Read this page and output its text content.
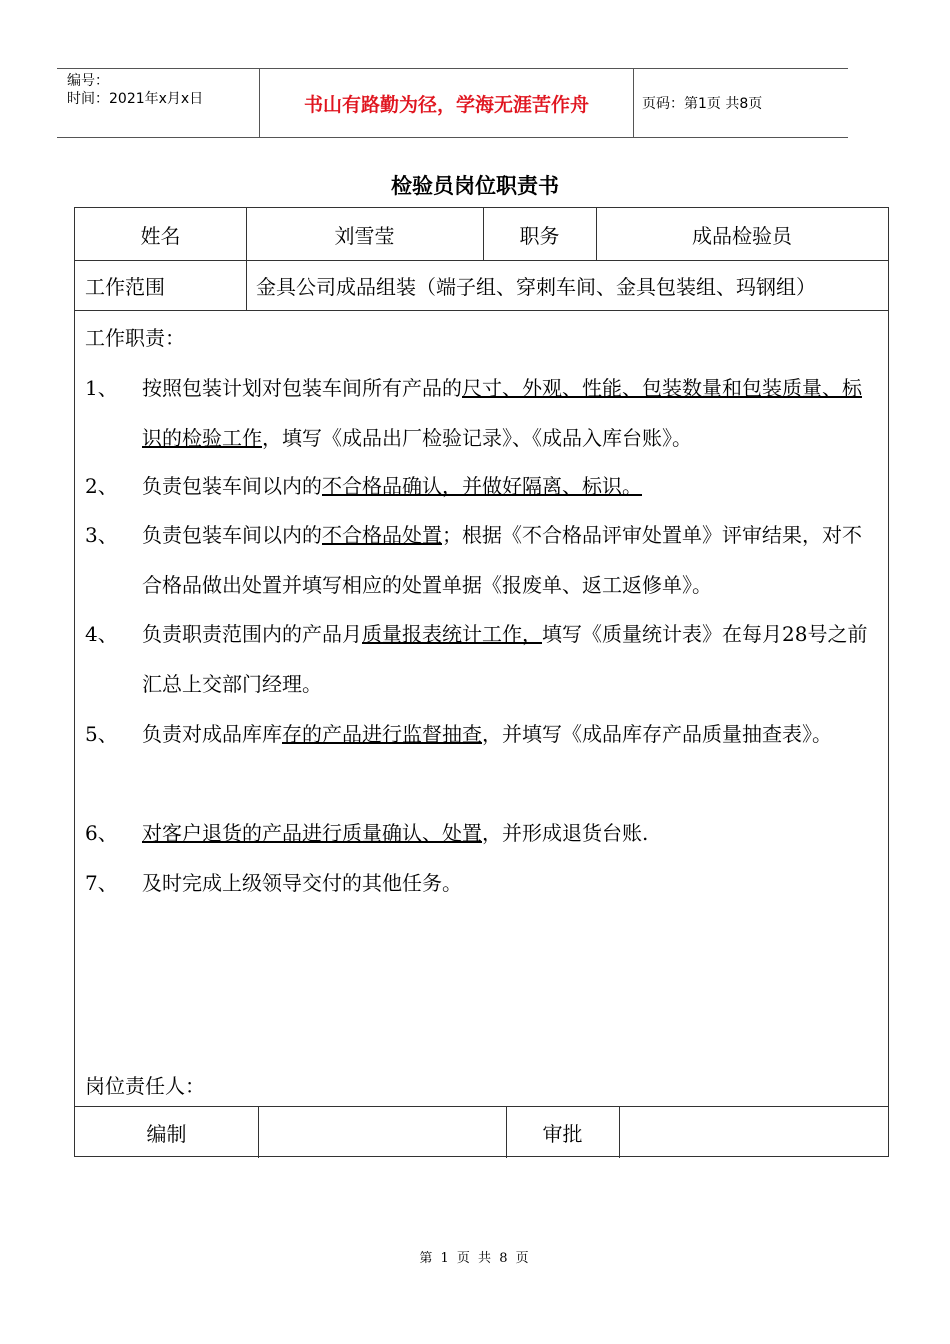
编号：
时间：2021年x月x日	书山有路勤为径，学海无涯苦作舟	页码：第1页 共8页
检验员岗位职责书
姓名	刘雪莹	职务	成品检验员
工作范围	金具公司成品组装（端子组、穿刺车间、金具包装组、玛钢组）
工作职责：
1、 按照包装计划对包装车间所有产品的尺寸、外观、性能、包装数量和包装质量、标识的检验工作，填写《成品出厂检验记录》、《成品入库台账》。
2、 负责包装车间以内的不合格品确认，并做好隔离、标识。
3、 负责包装车间以内的不合格品处置；根据《不合格品评审处置单》评审结果，对不合格品做出处置并填写相应的处置单据《报废单、返工返修单》。
4、 负责职责范围内的产品月质量报表统计工作，填写《质量统计表》在每月28号之前汇总上交部门经理。
5、 负责对成品库库存的产品进行监督抽查，并填写《成品库存产品质量抽查表》。
6、 对客户退货的产品进行质量确认、处置，并形成退货台账.
7、 及时完成上级领导交付的其他任务。
岗位责任人：
编制	审批
第 1 页 共 8 页
